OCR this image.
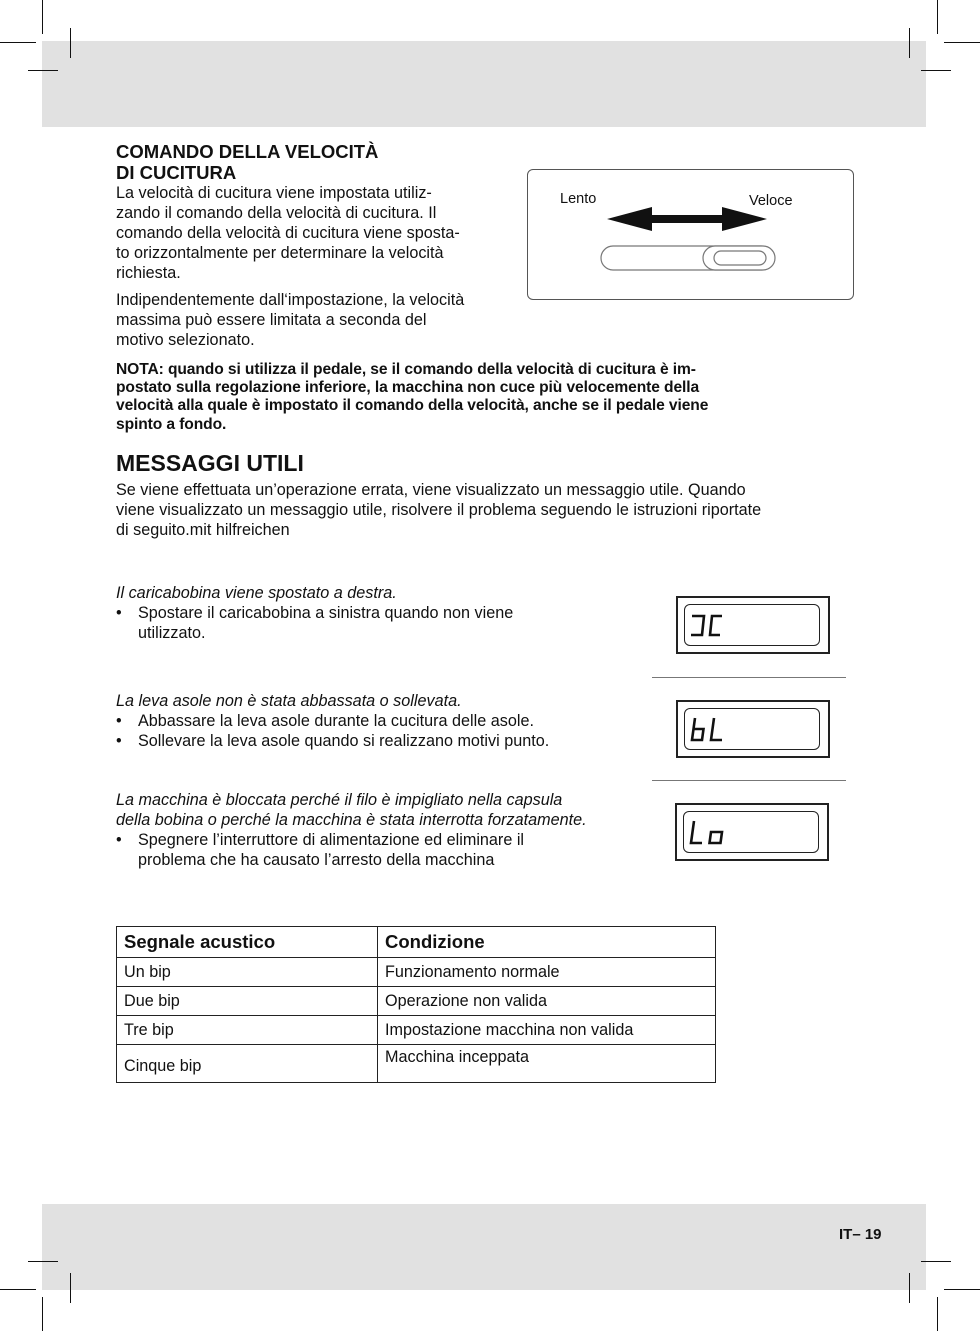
COMANDO DELLA VELOCITÀ
DI CUCITURA
La velocità di cucitura viene impostata utiliz-
zando il comando della velocità di cucitura. Il
comando della velocità di cucitura viene sposta-
to orizzontalmente per determinare la velocità
richiesta.
Indipendentemente dall‘impostazione, la velocità
massima può essere limitata a seconda del
motivo selezionato.
Lento	Veloce
NOTA: quando si utilizza il pedale, se il comando della velocità di cucitura è im-
postato sulla regolazione inferiore, la macchina non cuce più velocemente della
velocità alla quale è impostato il comando della velocità, anche se il pedale viene
spinto a fondo.
MESSAGGI UTILI
Se viene effettuata un’operazione errata, viene visualizzato un messaggio utile. Quando
viene visualizzato un messaggio utile, risolvere il problema seguendo le istruzioni riportate
di seguito.mit hilfreichen
Il caricabobina viene spostato a destra.
• Spostare il caricabobina a sinistra quando non viene
utilizzato.
La leva asole non è stata abbassata o sollevata.
• Abbassare la leva asole durante la cucitura delle asole.
• Sollevare la leva asole quando si realizzano motivi punto.
La macchina è bloccata perché il filo è impigliato nella capsula
della bobina o perché la macchina è stata interrotta forzatamente.
• Spegnere l’interruttore di alimentazione ed eliminare il
problema che ha causato l’arresto della macchina
Segnale acustico	Condizione
Un bip	Funzionamento normale
Due bip	Operazione non valida
Tre bip	Impostazione macchina non valida
Cinque bip	Macchina inceppata
IT– 19
